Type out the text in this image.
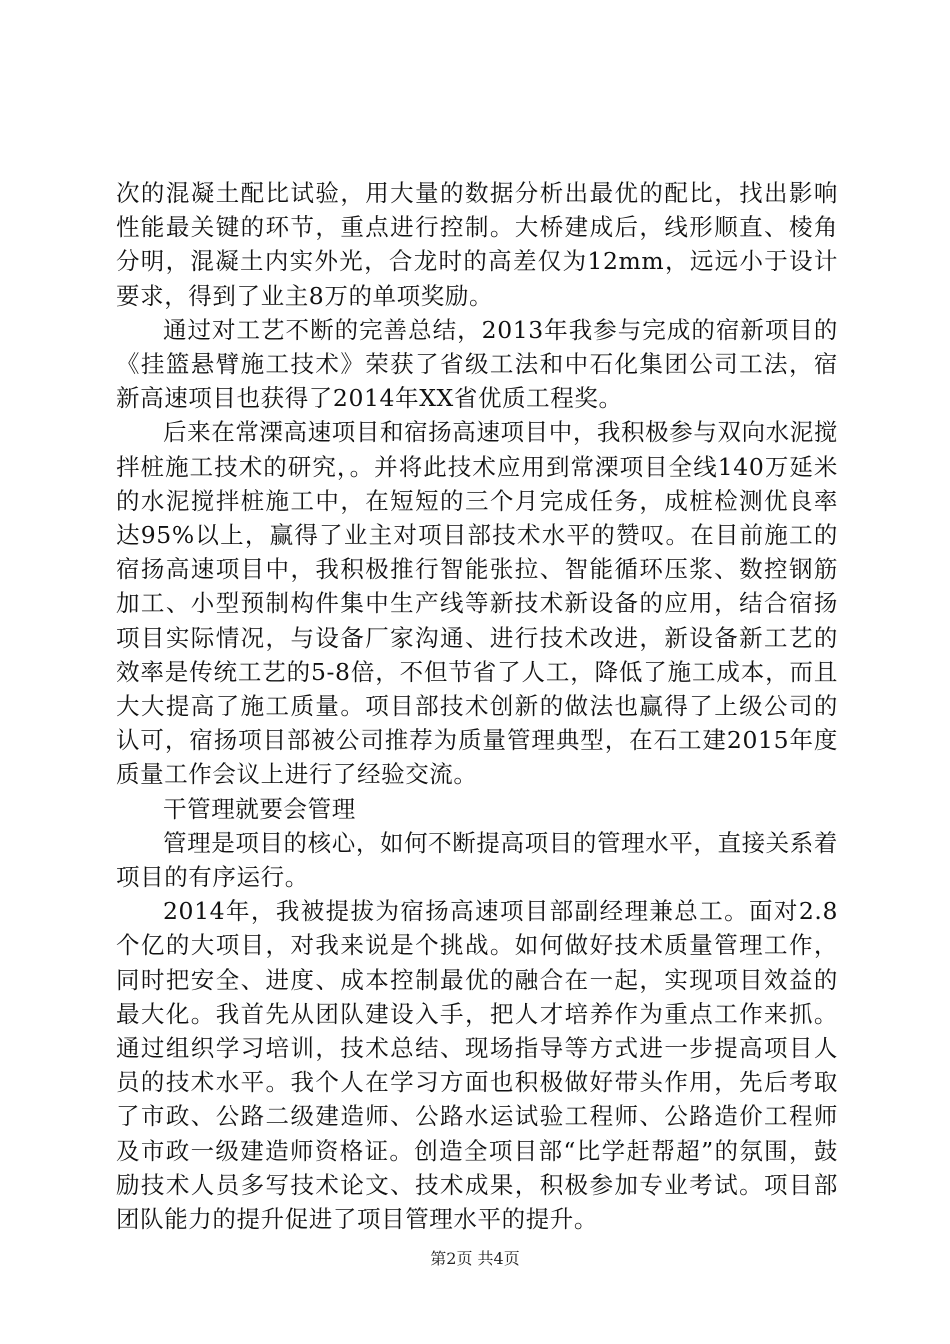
次的混凝土配比试验，用大量的数据分析出最优的配比，找出影响性能最关键的环节，重点进行控制。大桥建成后，线形顺直、棱角分明，混凝土内实外光，合龙时的高差仅为12mm，远远小于设计要求，得到了业主8万的单项奖励。

通过对工艺不断的完善总结，2013年我参与完成的宿新项目的《挂篮悬臂施工技术》荣获了省级工法和中石化集团公司工法，宿新高速项目也获得了2014年XX省优质工程奖。

后来在常溧高速项目和宿扬高速项目中，我积极参与双向水泥搅拌桩施工技术的研究，。并将此技术应用到常溧项目全线140万延米的水泥搅拌桩施工中，在短短的三个月完成任务，成桩检测优良率达95%以上，赢得了业主对项目部技术水平的赞叹。在目前施工的宿扬高速项目中，我积极推行智能张拉、智能循环压浆、数控钢筋加工、小型预制构件集中生产线等新技术新设备的应用，结合宿扬项目实际情况，与设备厂家沟通、进行技术改进，新设备新工艺的效率是传统工艺的5-8倍，不但节省了人工，降低了施工成本，而且大大提高了施工质量。项目部技术创新的做法也赢得了上级公司的认可，宿扬项目部被公司推荐为质量管理典型，在石工建2015年度质量工作会议上进行了经验交流。

干管理就要会管理

管理是项目的核心，如何不断提高项目的管理水平，直接关系着项目的有序运行。

2014年，我被提拔为宿扬高速项目部副经理兼总工。面对2.8个亿的大项目，对我来说是个挑战。如何做好技术质量管理工作，同时把安全、进度、成本控制最优的融合在一起，实现项目效益的最大化。我首先从团队建设入手，把人才培养作为重点工作来抓。通过组织学习培训，技术总结、现场指导等方式进一步提高项目人员的技术水平。我个人在学习方面也积极做好带头作用，先后考取了市政、公路二级建造师、公路水运试验工程师、公路造价工程师及市政一级建造师资格证。创造全项目部“比学赶帮超”的氛围，鼓励技术人员多写技术论文、技术成果，积极参加专业考试。项目部团队能力的提升促进了项目管理水平的提升。

第2页 共4页
